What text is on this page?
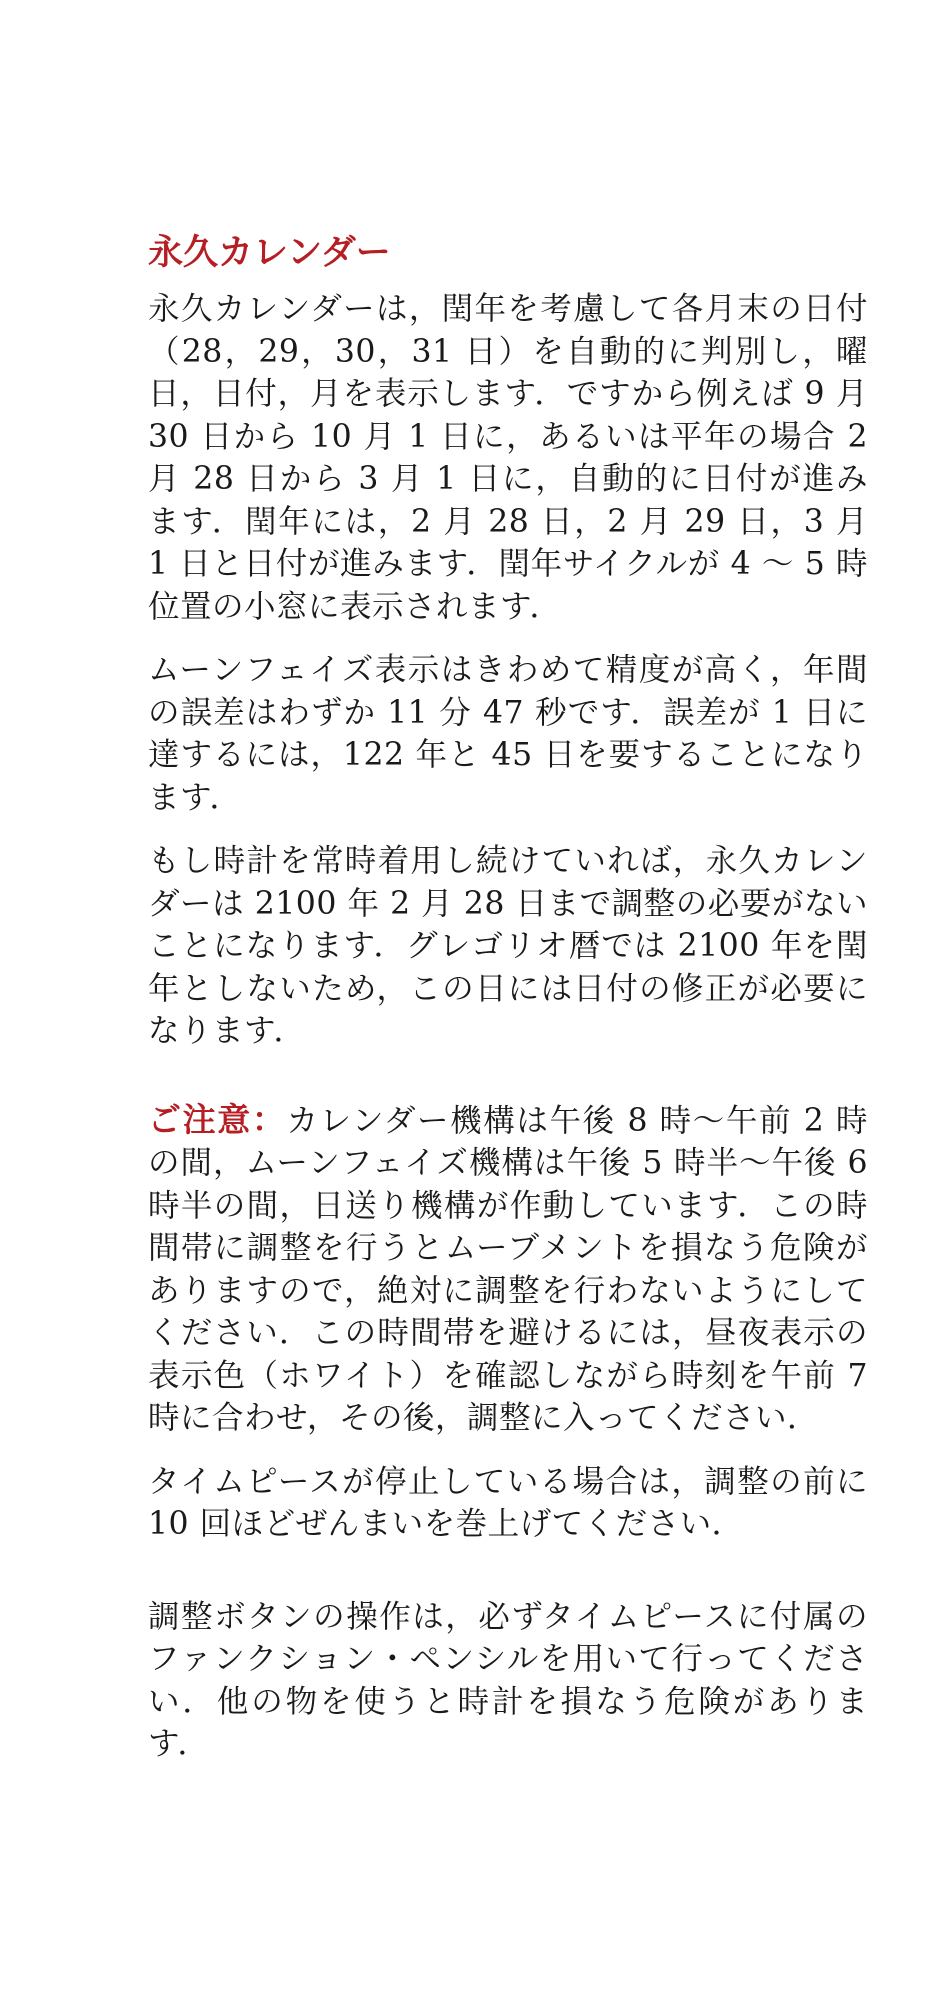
永久カレンダー

永久カレンダーは，閏年を考慮して各月末の日付（28，29，30，31 日）を自動的に判別し，曜日，日付，月を表示します．ですから例えば 9 月 30 日から 10 月 1 日に，あるいは平年の場合 2 月 28 日から 3 月 1 日に，自動的に日付が進みます．閏年には，2 月 28 日，2 月 29 日，3 月 1 日と日付が進みます．閏年サイクルが 4 〜 5 時位置の小窓に表示されます．

ムーンフェイズ表示はきわめて精度が高く，年間の誤差はわずか 11 分 47 秒です．誤差が 1 日に達するには，122 年と 45 日を要することになります．

もし時計を常時着用し続けていれば，永久カレンダーは 2100 年 2 月 28 日まで調整の必要がないことになります．グレゴリオ暦では 2100 年を閏年としないため，この日には日付の修正が必要になります．

ご注意：カレンダー機構は午後 8 時〜午前 2 時の間，ムーンフェイズ機構は午後 5 時半〜午後 6 時半の間，日送り機構が作動しています．この時間帯に調整を行うとムーブメントを損なう危険がありますので，絶対に調整を行わないようにしてください．この時間帯を避けるには，昼夜表示の表示色（ホワイト）を確認しながら時刻を午前 7 時に合わせ，その後，調整に入ってください．

タイムピースが停止している場合は，調整の前に 10 回ほどぜんまいを巻上げてください．

調整ボタンの操作は，必ずタイムピースに付属のファンクション・ペンシルを用いて行ってください．他の物を使うと時計を損なう危険があります．
